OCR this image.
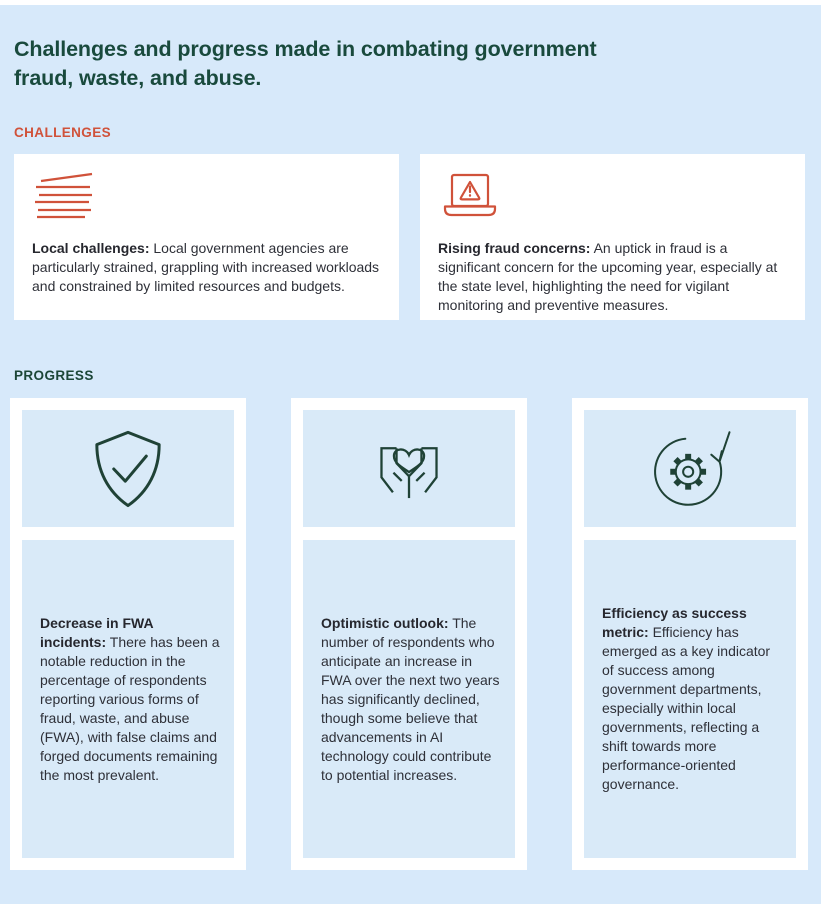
Challenges and progress made in combating government fraud, waste, and abuse.
CHALLENGES

Local challenges: Local government agencies are particularly strained, grappling with increased workloads and constrained by limited resources and budgets.

Rising fraud concerns: An uptick in fraud is a significant concern for the upcoming year, especially at the state level, highlighting the need for vigilant monitoring and preventive measures.

PROGRESS

Decrease in FWA incidents: There has been a notable reduction in the percentage of respondents reporting various forms of fraud, waste, and abuse (FWA), with false claims and forged documents remaining the most prevalent.

Optimistic outlook: The number of respondents who anticipate an increase in FWA over the next two years has significantly declined, though some believe that advancements in AI technology could contribute to potential increases.

Efficiency as success metric: Efficiency has emerged as a key indicator of success among government departments, especially within local governments, reflecting a shift towards more performance-oriented governance.
